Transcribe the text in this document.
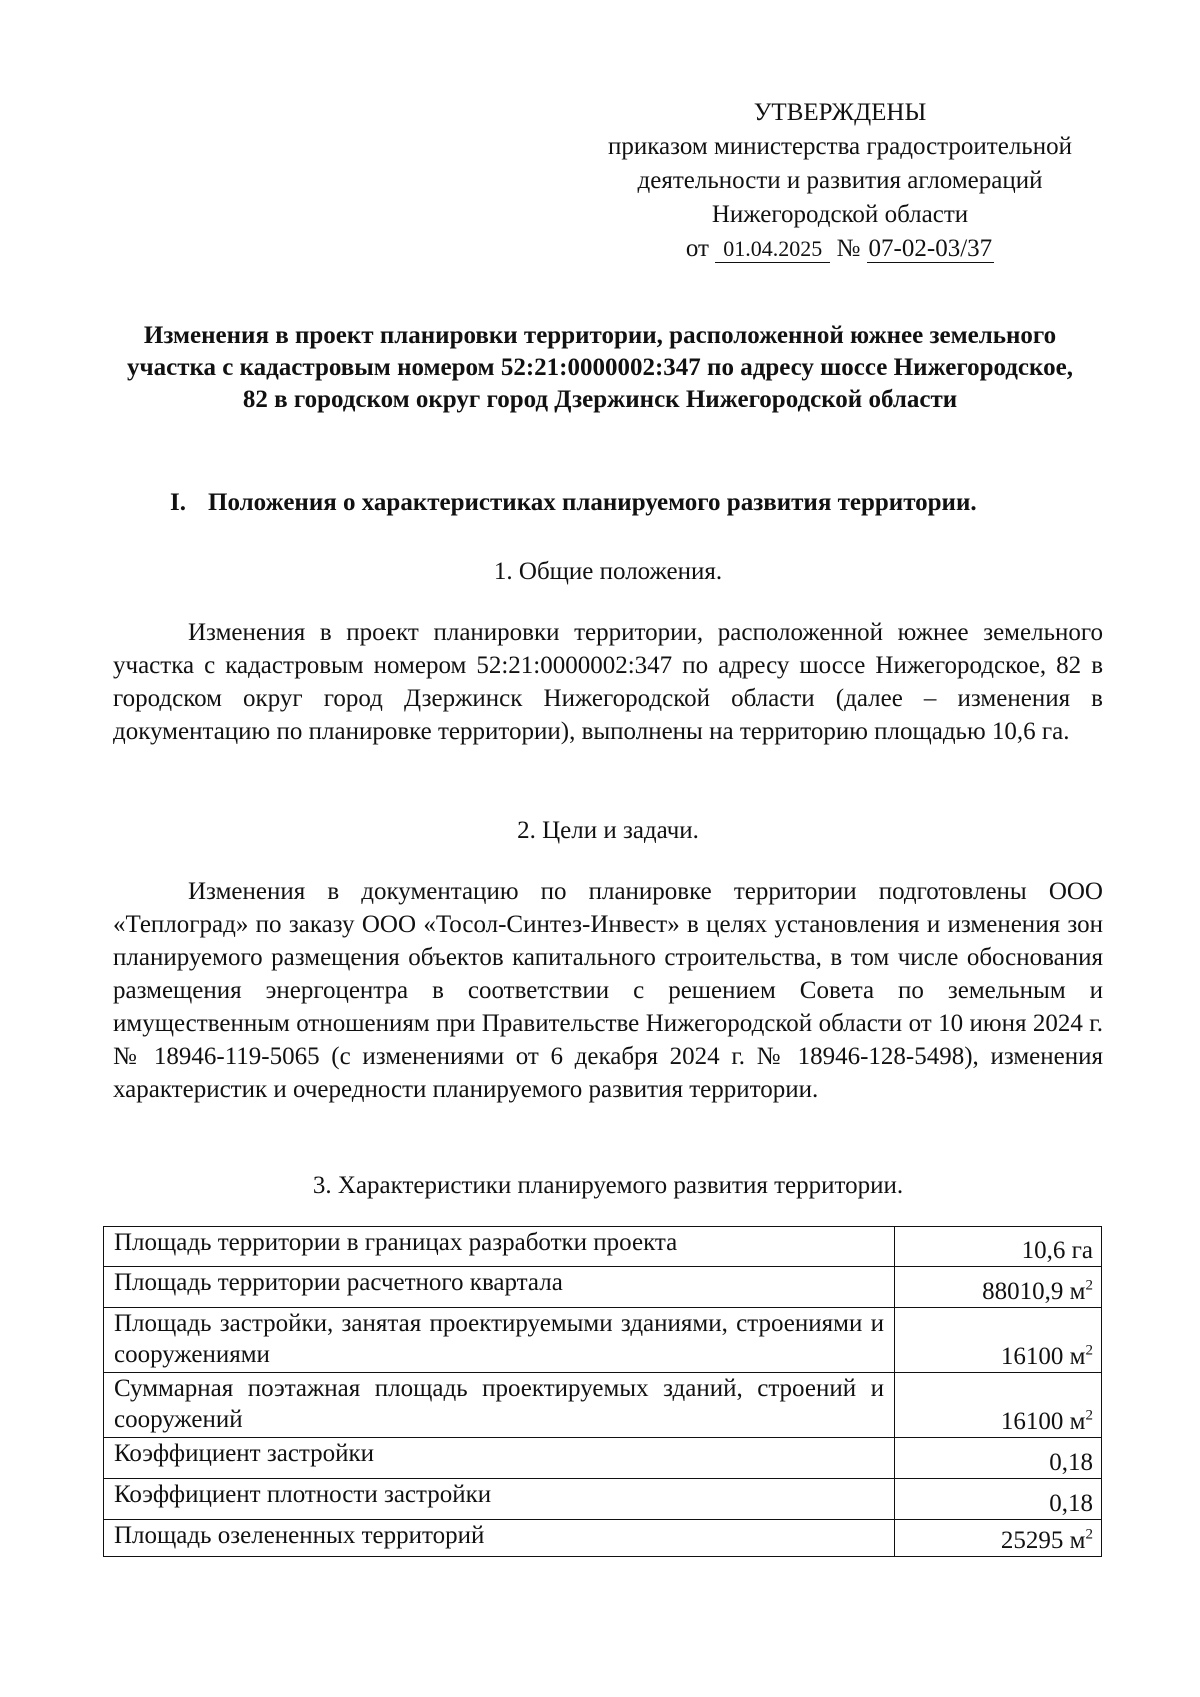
УТВЕРЖДЕНЫ
приказом министерства градостроительной
деятельности и развития агломераций
Нижегородской области
от 01.04.2025 № 07-02-03/37
Изменения в проект планировки территории, расположенной южнее земельного участка с кадастровым номером 52:21:0000002:347 по адресу шоссе Нижегородское, 82 в городском округ город Дзержинск Нижегородской области
I. Положения о характеристиках планируемого развития территории.
1. Общие положения.
Изменения в проект планировки территории, расположенной южнее земельного участка с кадастровым номером 52:21:0000002:347 по адресу шоссе Нижегородское, 82 в городском округ город Дзержинск Нижегородской области (далее – изменения в документацию по планировке территории), выполнены на территорию площадью 10,6 га.
2. Цели и задачи.
Изменения в документацию по планировке территории подготовлены ООО «Теплоград» по заказу ООО «Тосол-Синтез-Инвест» в целях установления и изменения зон планируемого размещения объектов капитального строительства, в том числе обоснования размещения энергоцентра в соответствии с решением Совета по земельным и имущественным отношениям при Правительстве Нижегородской области от 10 июня 2024 г. № 18946-119-5065 (с изменениями от 6 декабря 2024 г. № 18946-128-5498), изменения характеристик и очередности планируемого развития территории.
3. Характеристики планируемого развития территории.
Площадь территории в границах разработки проекта	10,6 га
Площадь территории расчетного квартала	88010,9 $м^2$
Площадь застройки, занятая проектируемыми зданиями, строениями и сооружениями	16100 $м^2$
Суммарная поэтажная площадь проектируемых зданий, строений и сооружений	16100 $м^2$
Коэффициент застройки	0,18
Коэффициент плотности застройки	0,18
Площадь озелененных территорий	25295 $м^2$
